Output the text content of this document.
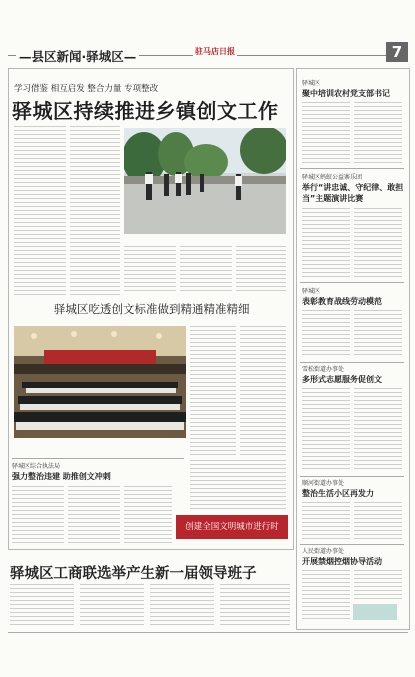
—县区新闻·驿城区—	驻马店日报	7
学习借鉴 相互启发 整合力量 专项整改
驿城区持续推进乡镇创文工作
驿城区吃透创文标准做到精通精准精细
驿城区综合执法局
强力整治违建 助推创文冲刺
创建全国文明城市进行时
驿城区工商联选举产生新一届领导班子
驿城区
聚中培训农村党支部书记
驿城区蚂蚁公益寨乐团
举行“讲忠诚、守纪律、敢担当”主题演讲比赛
驿城区
表彰教育战线劳动模范
雪松街道办事处
多形式志愿服务促创文
顺河街道办事处
整治生活小区再发力
人民街道办事处
开展禁烟控烟协导活动
